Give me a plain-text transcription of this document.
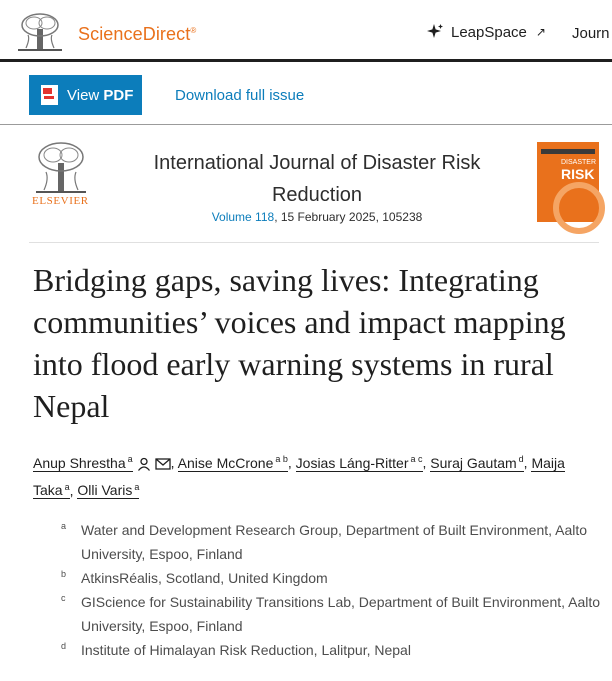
ScienceDirect®	LeapSpace ↗ Journ
View PDF	Download full issue
ELSEVIER
International Journal of Disaster Risk Reduction
Volume 118, 15 February 2025, 105238
DISASTER
RISK
Bridging gaps, saving lives: Integrating communities’ voices and impact mapping into flood early warning systems in rural Nepal
Anup Shrestha $^a$	, Anise McCrone $^{a b}$, Josias Láng-Ritter $^{a c}$, Suraj Gautam $^d$, Maija Taka $^a$, Olli Varis $^a$
a Water and Development Research Group, Department of Built Environment, Aalto University, Espoo, Finland
b AtkinsRéalis, Scotland, United Kingdom
c GIScience for Sustainability Transitions Lab, Department of Built Environment, Aalto University, Espoo, Finland
d Institute of Himalayan Risk Reduction, Lalitpur, Nepal
